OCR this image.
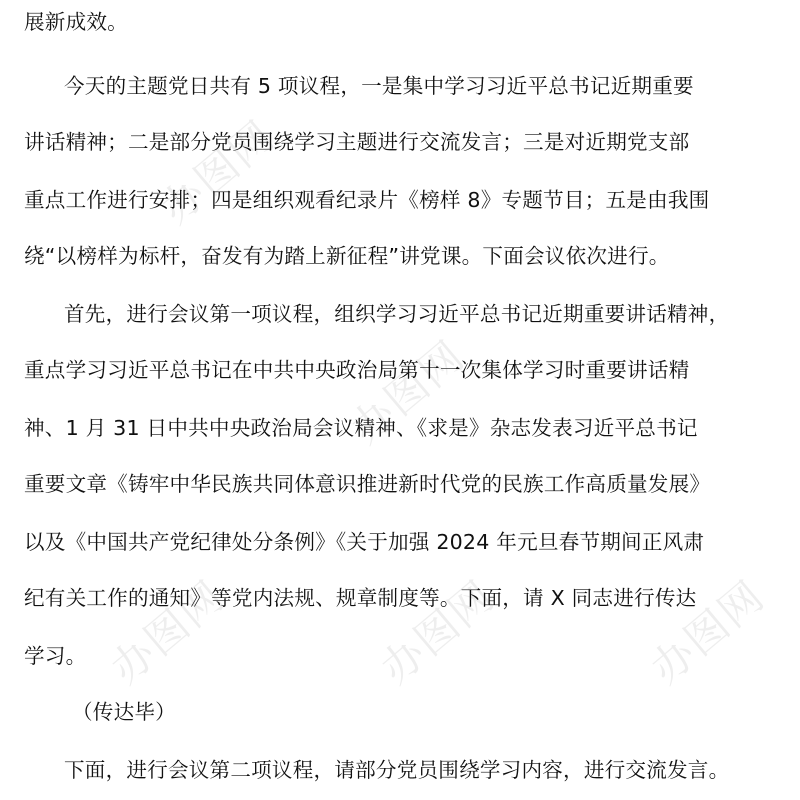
办图网
办图网
办图网	办图网	办图网
展新成效。
今天的主题党日共有 5 项议程，一是集中学习习近平总书记近期重要
讲话精神；二是部分党员围绕学习主题进行交流发言；三是对近期党支部
重点工作进行安排；四是组织观看纪录片《榜样 8》专题节目；五是由我围
绕“以榜样为标杆，奋发有为踏上新征程”讲党课。下面会议依次进行。
首先，进行会议第一项议程，组织学习习近平总书记近期重要讲话精神，
重点学习习近平总书记在中共中央政治局第十一次集体学习时重要讲话精
神、1 月 31 日中共中央政治局会议精神、《求是》杂志发表习近平总书记
重要文章《铸牢中华民族共同体意识推进新时代党的民族工作高质量发展》
以及《中国共产党纪律处分条例》《关于加强 2024 年元旦春节期间正风肃
纪有关工作的通知》等党内法规、规章制度等。下面，请 X 同志进行传达
学习。
（传达毕）
下面，进行会议第二项议程，请部分党员围绕学习内容，进行交流发言。
